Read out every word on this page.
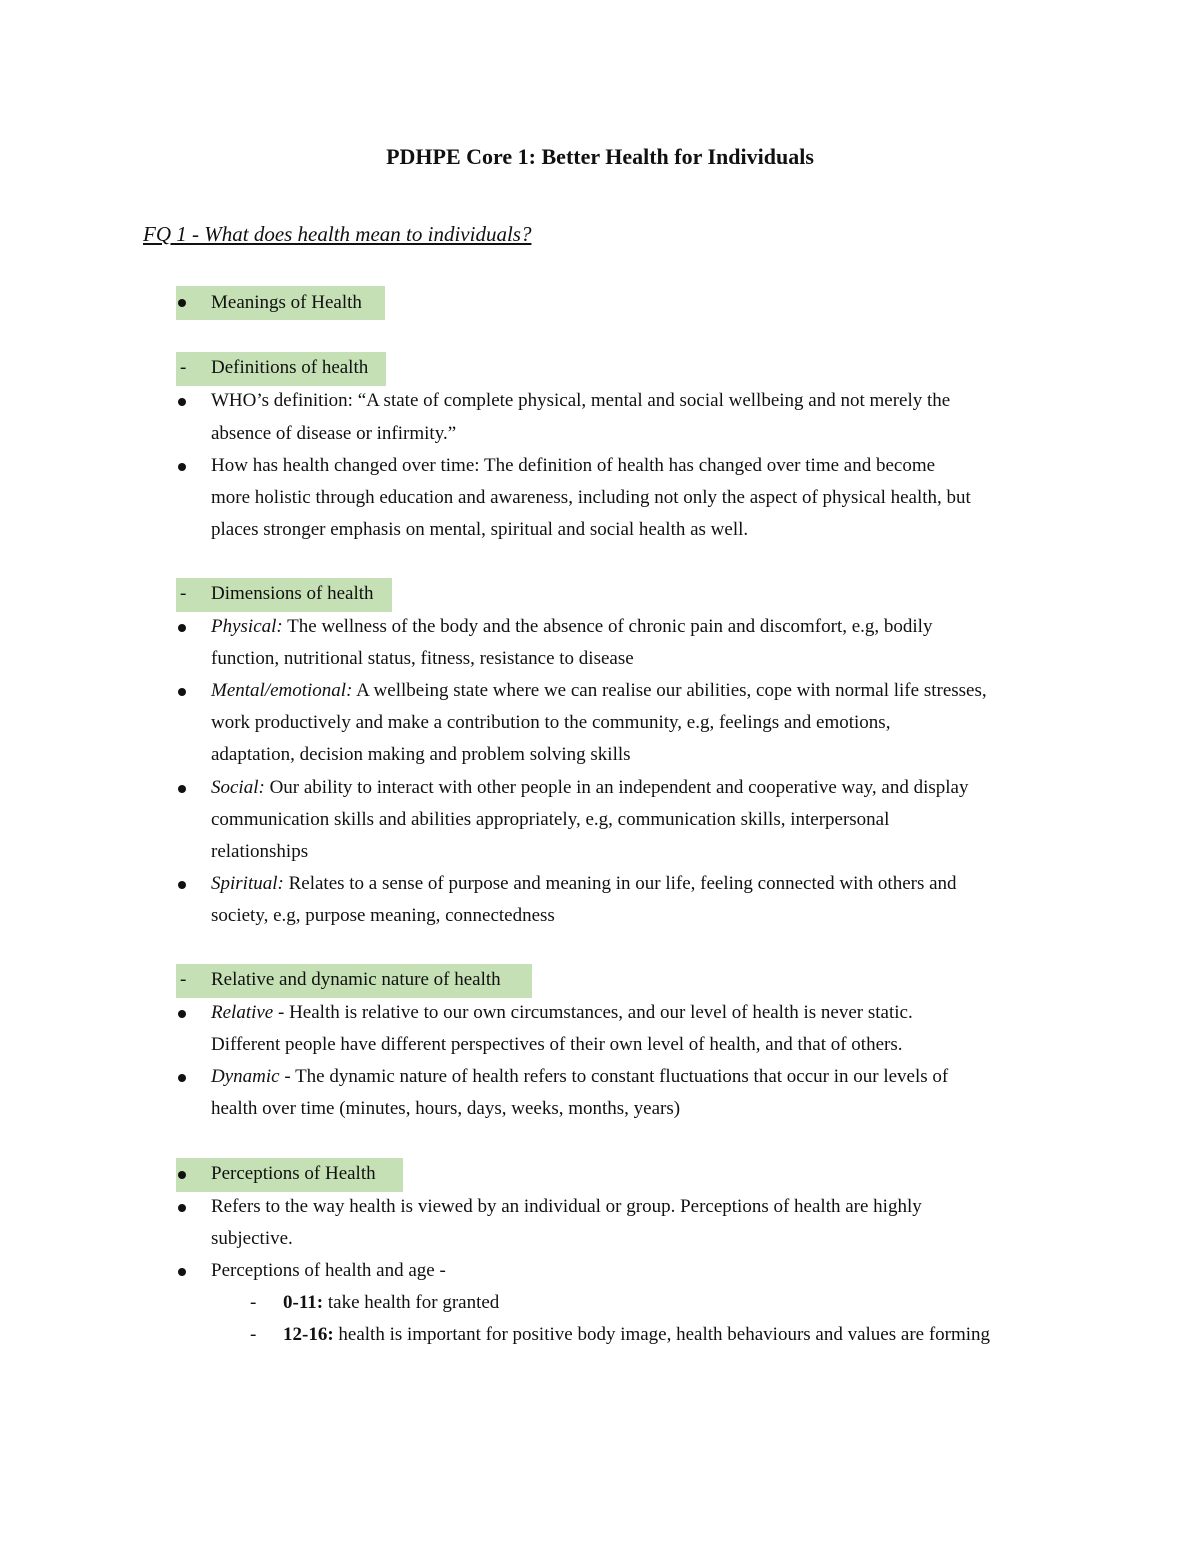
PDHPE Core 1: Better Health for Individuals
FQ 1 - What does health mean to individuals?
Meanings of Health
- Definitions of health
WHO’s definition: “A state of complete physical, mental and social wellbeing and not merely the
absence of disease or infirmity.”
How has health changed over time: The definition of health has changed over time and become
more holistic through education and awareness, including not only the aspect of physical health, but
places stronger emphasis on mental, spiritual and social health as well.
- Dimensions of health
Physical: The wellness of the body and the absence of chronic pain and discomfort, e.g, bodily
function, nutritional status, fitness, resistance to disease
Mental/emotional: A wellbeing state where we can realise our abilities, cope with normal life stresses,
work productively and make a contribution to the community, e.g, feelings and emotions,
adaptation, decision making and problem solving skills
Social: Our ability to interact with other people in an independent and cooperative way, and display
communication skills and abilities appropriately, e.g, communication skills, interpersonal
relationships
Spiritual: Relates to a sense of purpose and meaning in our life, feeling connected with others and
society, e.g, purpose meaning, connectedness
- Relative and dynamic nature of health
Relative - Health is relative to our own circumstances, and our level of health is never static.
Different people have different perspectives of their own level of health, and that of others.
Dynamic - The dynamic nature of health refers to constant fluctuations that occur in our levels of
health over time (minutes, hours, days, weeks, months, years)
Perceptions of Health
Refers to the way health is viewed by an individual or group. Perceptions of health are highly
subjective.
Perceptions of health and age -
- 0-11: take health for granted
- 12-16: health is important for positive body image, health behaviours and values are forming
